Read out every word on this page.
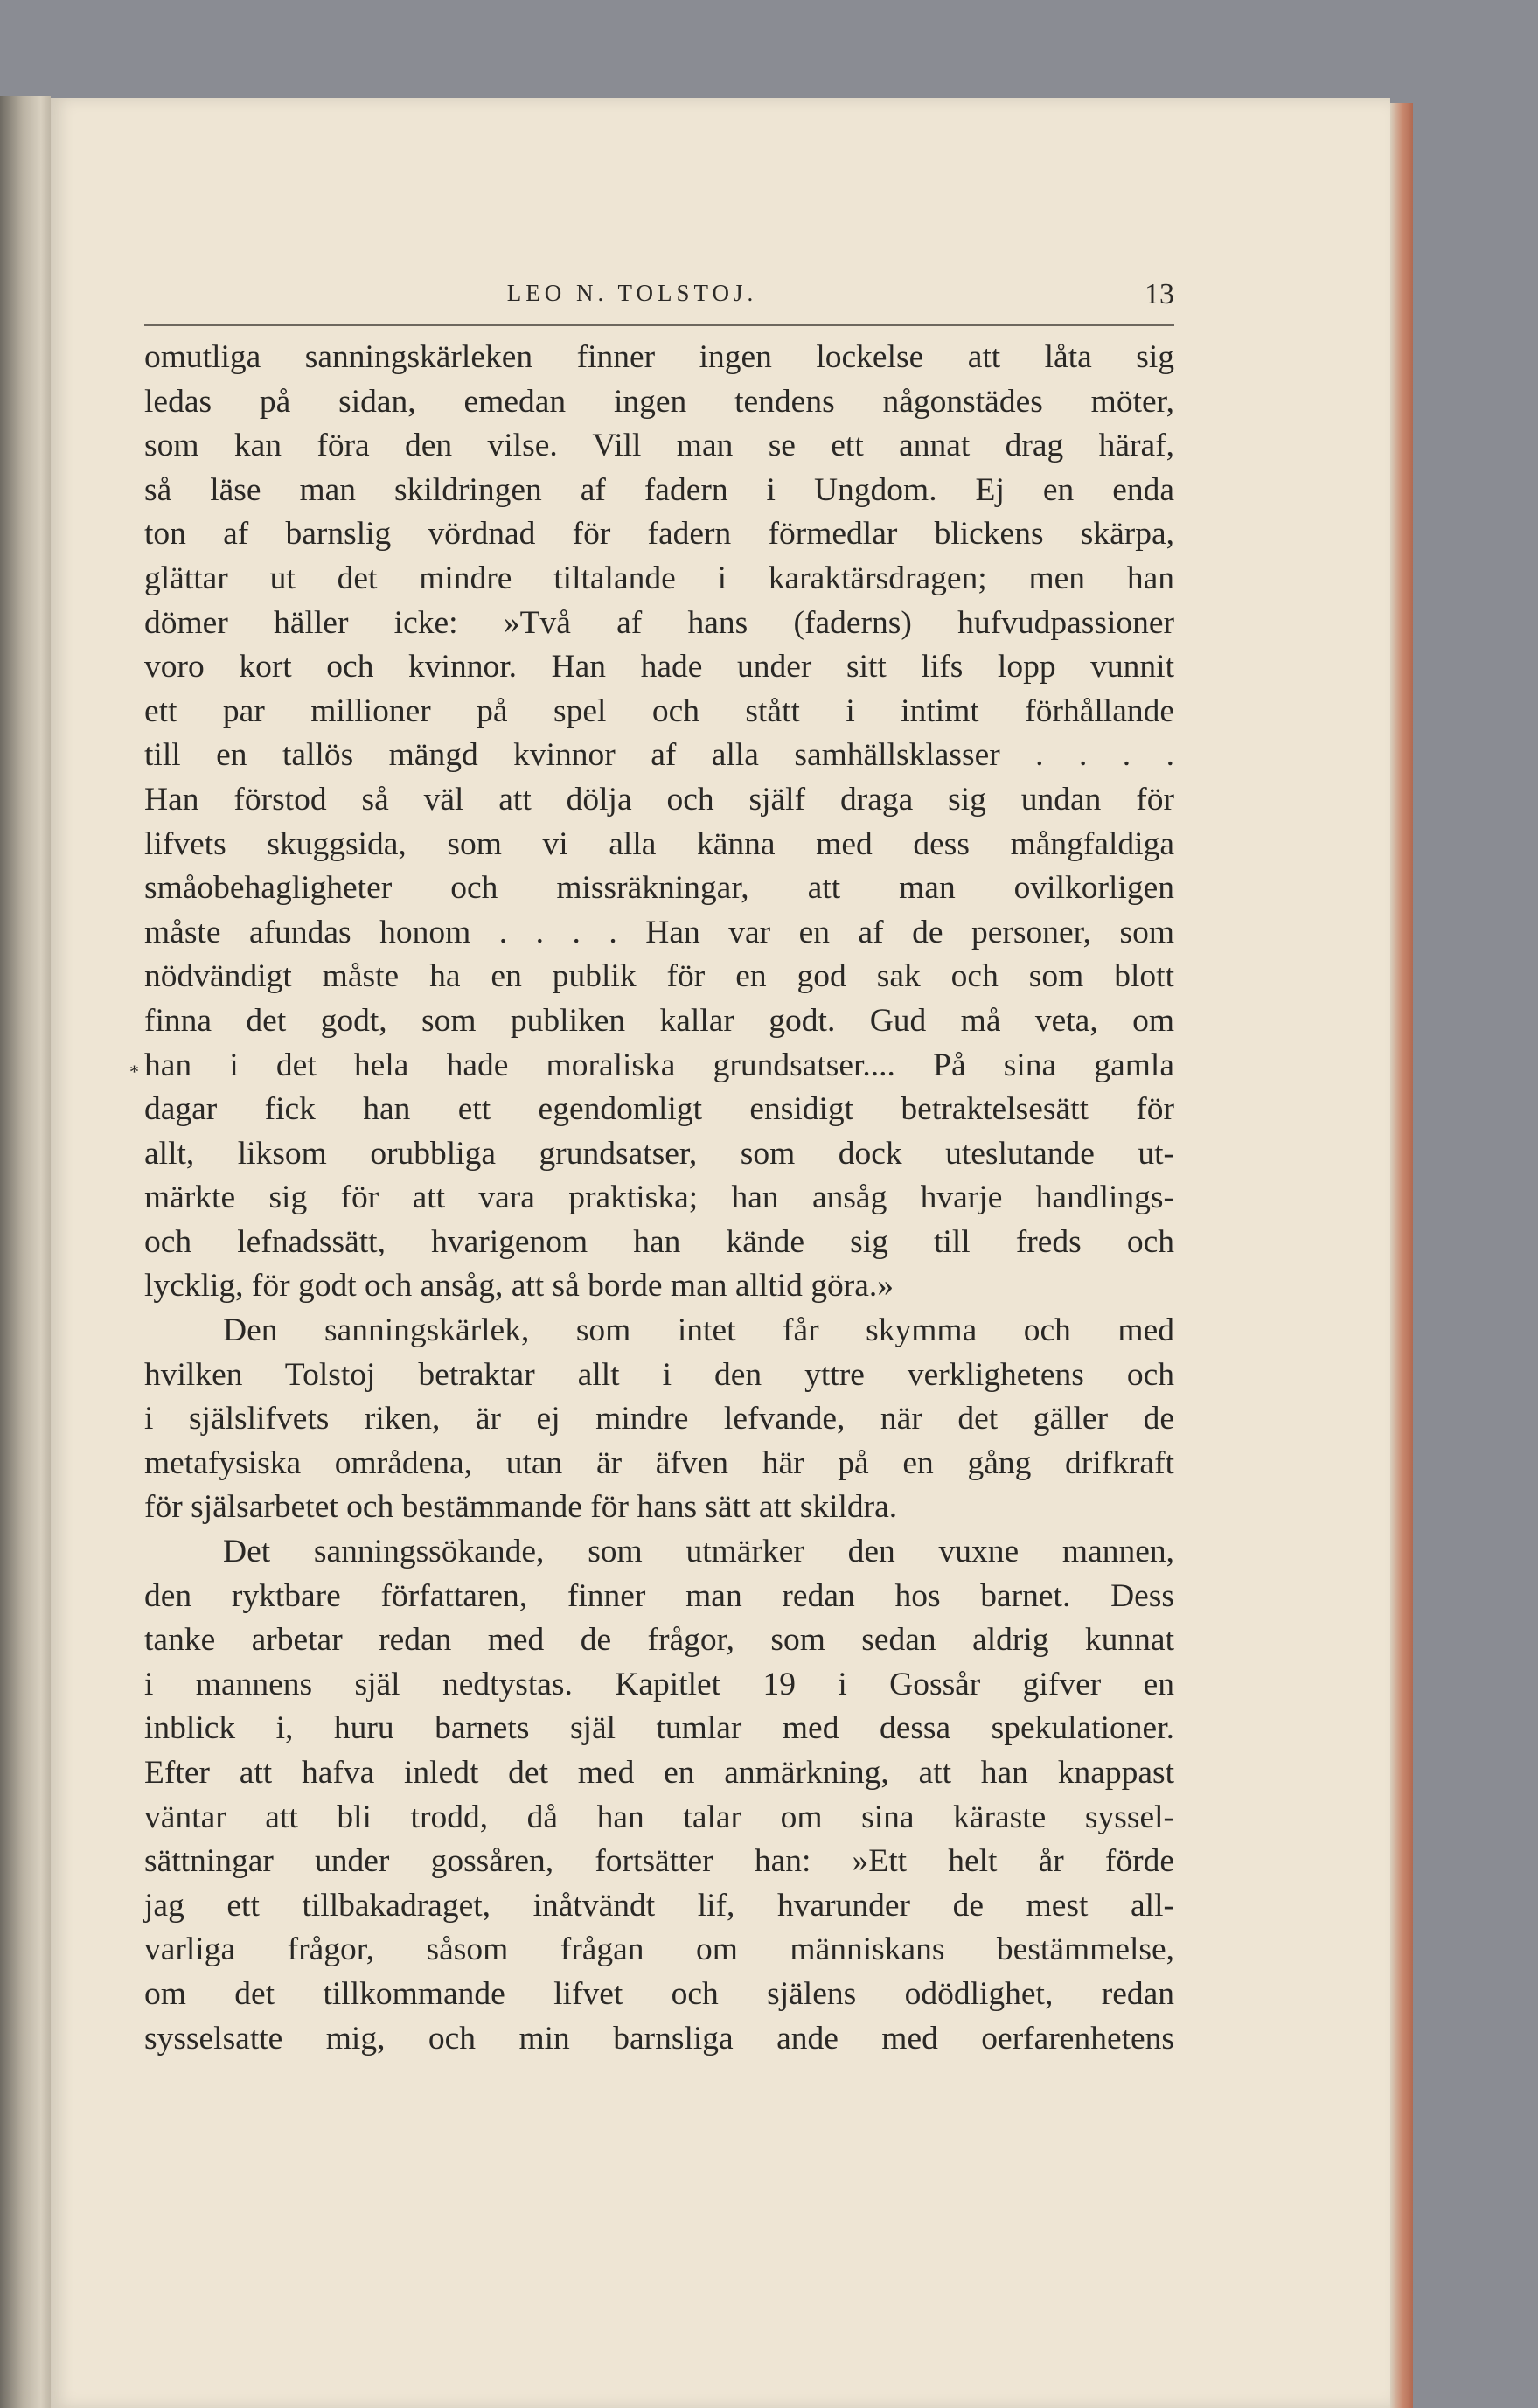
LEO N. TOLSTOJ.	13
*
omutliga sanningskärleken finner ingen lockelse att låta sig
ledas på sidan, emedan ingen tendens någonstädes möter,
som kan föra den vilse. Vill man se ett annat drag häraf,
så läse man skildringen af fadern i Ungdom. Ej en enda
ton af barnslig vördnad för fadern förmedlar blickens skärpa,
glättar ut det mindre tiltalande i karaktärsdragen; men han
dömer häller icke: »Två af hans (faderns) hufvudpassioner
voro kort och kvinnor. Han hade under sitt lifs lopp vunnit
ett par millioner på spel och stått i intimt förhållande
till en tallös mängd kvinnor af alla samhällsklasser . . . .
Han förstod så väl att dölja och själf draga sig undan för
lifvets skuggsida, som vi alla känna med dess mångfaldiga
småobehagligheter och missräkningar, att man ovilkorligen
måste afundas honom . . . . Han var en af de personer, som
nödvändigt måste ha en publik för en god sak och som blott
finna det godt, som publiken kallar godt. Gud må veta, om
han i det hela hade moraliska grundsatser.... På sina gamla
dagar fick han ett egendomligt ensidigt betraktelsesätt för
allt, liksom orubbliga grundsatser, som dock uteslutande ut-
märkte sig för att vara praktiska; han ansåg hvarje handlings-
och lefnadssätt, hvarigenom han kände sig till freds och
lycklig, för godt och ansåg, att så borde man alltid göra.»
Den sanningskärlek, som intet får skymma och med
hvilken Tolstoj betraktar allt i den yttre verklighetens och
i själslifvets riken, är ej mindre lefvande, när det gäller de
metafysiska områdena, utan är äfven här på en gång drifkraft
för själsarbetet och bestämmande för hans sätt att skildra.
Det sanningssökande, som utmärker den vuxne mannen,
den ryktbare författaren, finner man redan hos barnet. Dess
tanke arbetar redan med de frågor, som sedan aldrig kunnat
i mannens själ nedtystas. Kapitlet 19 i Gossår gifver en
inblick i, huru barnets själ tumlar med dessa spekulationer.
Efter att hafva inledt det med en anmärkning, att han knappast
väntar att bli trodd, då han talar om sina käraste syssel-
sättningar under gossåren, fortsätter han: »Ett helt år förde
jag ett tillbakadraget, inåtvändt lif, hvarunder de mest all-
varliga frågor, såsom frågan om människans bestämmelse,
om det tillkommande lifvet och själens odödlighet, redan
sysselsatte mig, och min barnsliga ande med oerfarenhetens
